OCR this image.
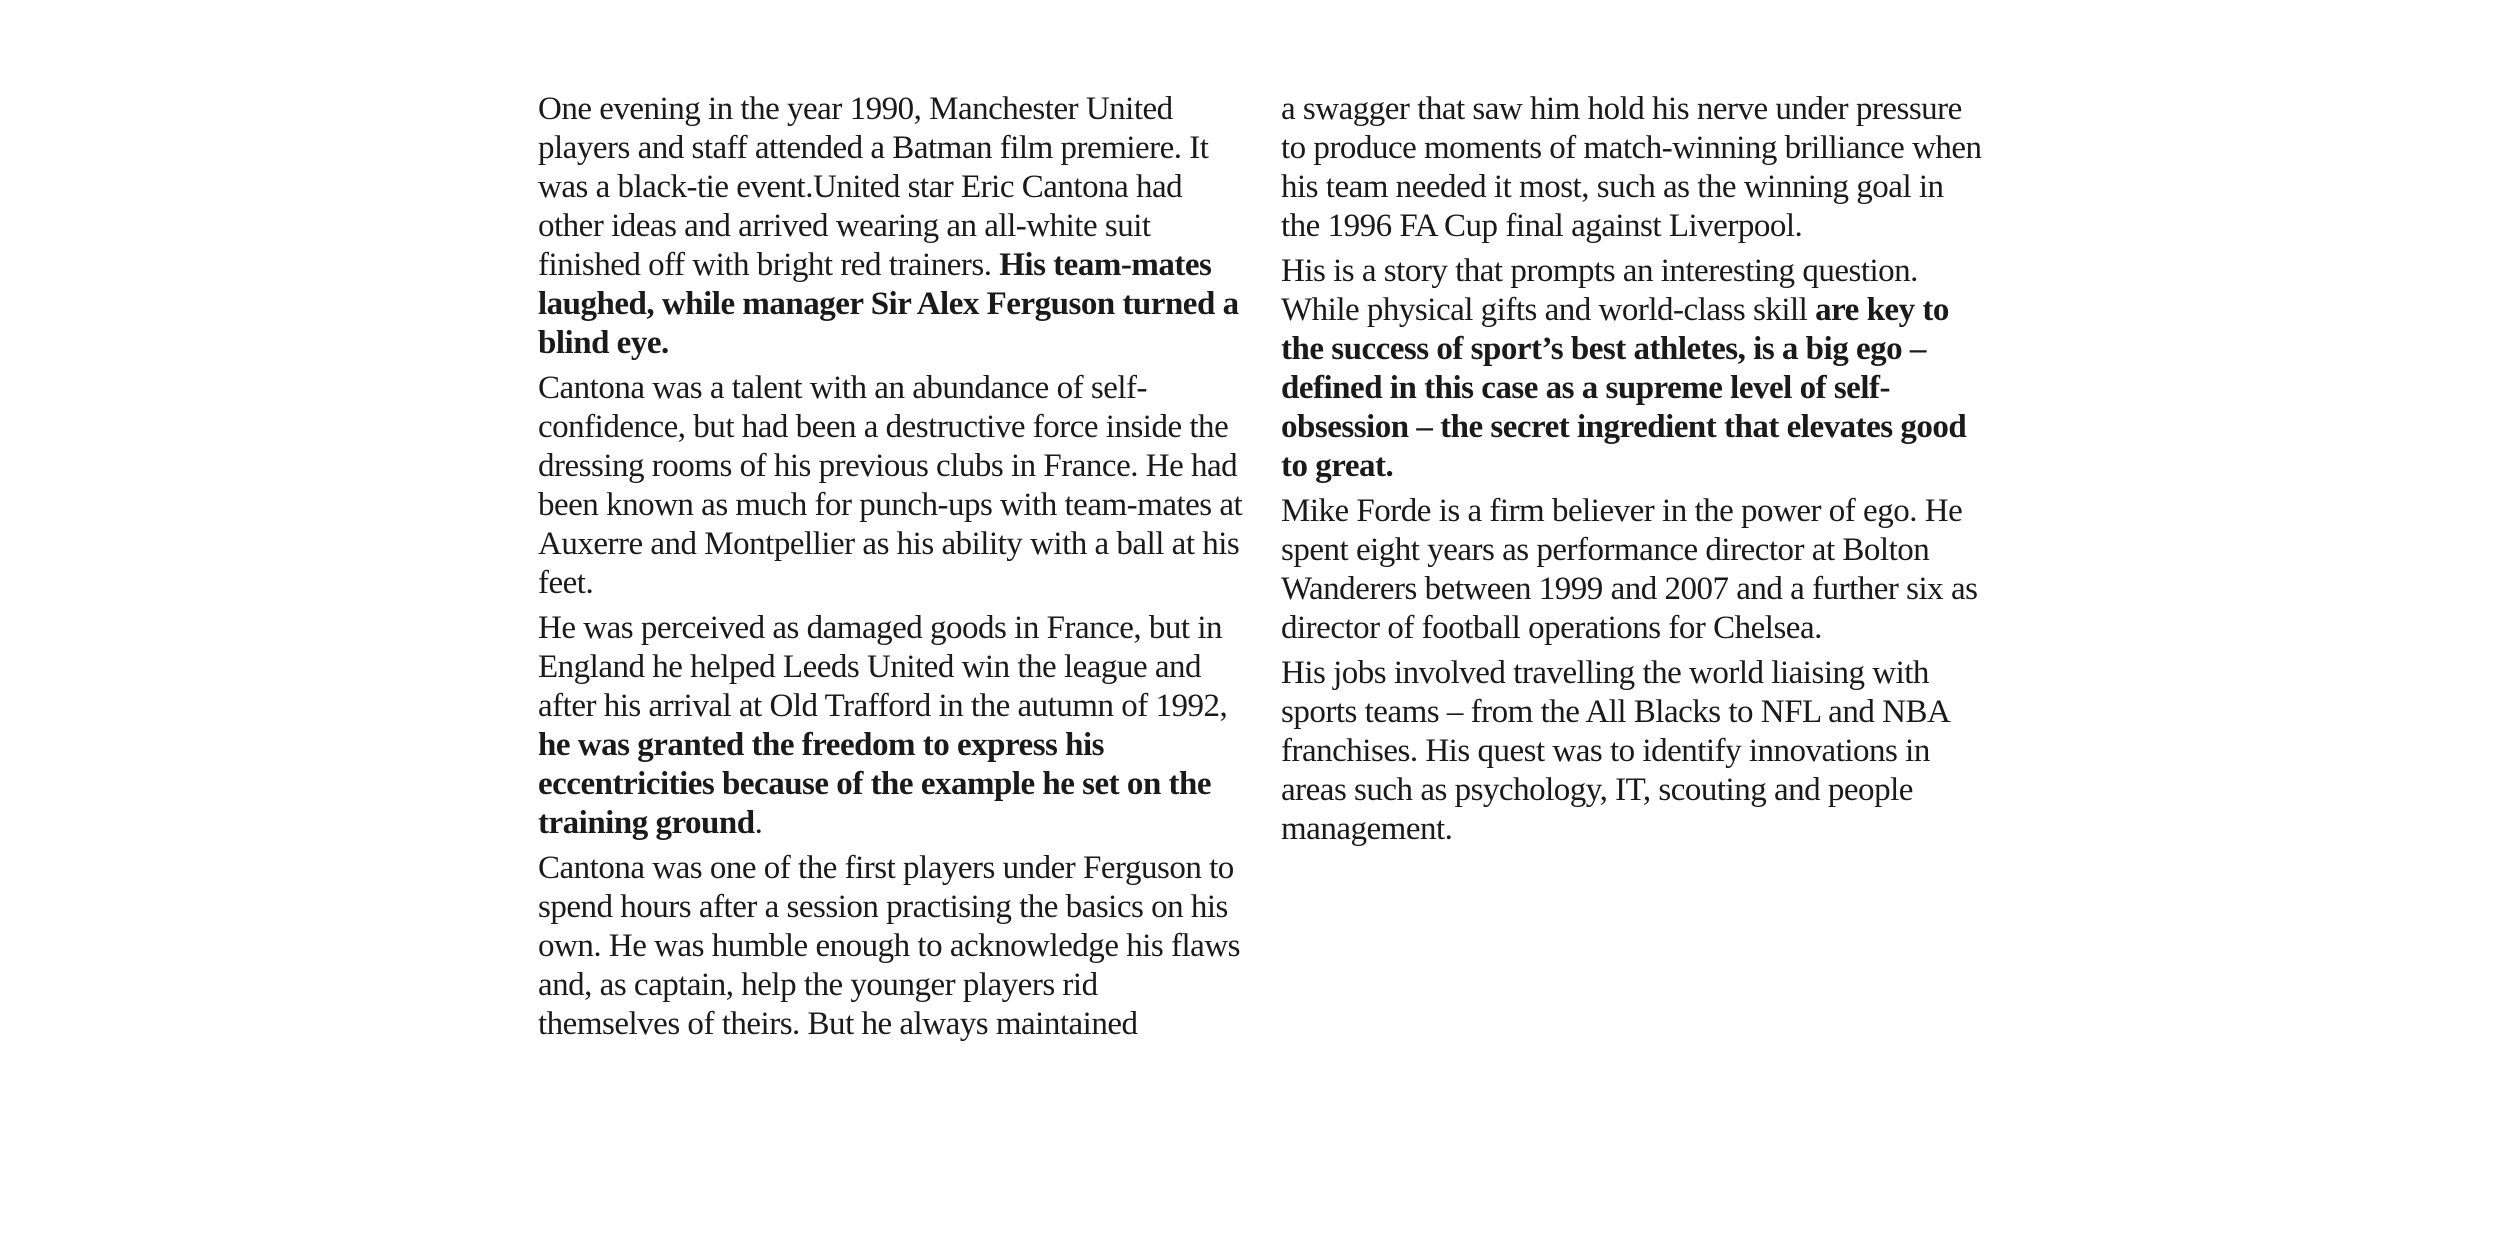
One evening in the year 1990, Manchester United players and staff attended a Batman film premiere. It was a black-tie event.United star Eric Cantona had other ideas and arrived wearing an all-white suit finished off with bright red trainers. His team-mates laughed, while manager Sir Alex Ferguson turned a blind eye.

Cantona was a talent with an abundance of self-confidence, but had been a destructive force inside the dressing rooms of his previous clubs in France. He had been known as much for punch-ups with team-mates at Auxerre and Montpellier as his ability with a ball at his feet.

He was perceived as damaged goods in France, but in England he helped Leeds United win the league and after his arrival at Old Trafford in the autumn of 1992, he was granted the freedom to express his eccentricities because of the example he set on the training ground.

Cantona was one of the first players under Ferguson to spend hours after a session practising the basics on his own. He was humble enough to acknowledge his flaws and, as captain, help the younger players rid themselves of theirs. But he always maintained

a swagger that saw him hold his nerve under pressure to produce moments of match-winning brilliance when his team needed it most, such as the winning goal in the 1996 FA Cup final against Liverpool.

His is a story that prompts an interesting question. While physical gifts and world-class skill are key to the success of sport’s best athletes, is a big ego – defined in this case as a supreme level of self-obsession – the secret ingredient that elevates good to great.

Mike Forde is a firm believer in the power of ego. He spent eight years as performance director at Bolton Wanderers between 1999 and 2007 and a further six as director of football operations for Chelsea.

His jobs involved travelling the world liaising with sports teams – from the All Blacks to NFL and NBA franchises. His quest was to identify innovations in areas such as psychology, IT, scouting and people management.
